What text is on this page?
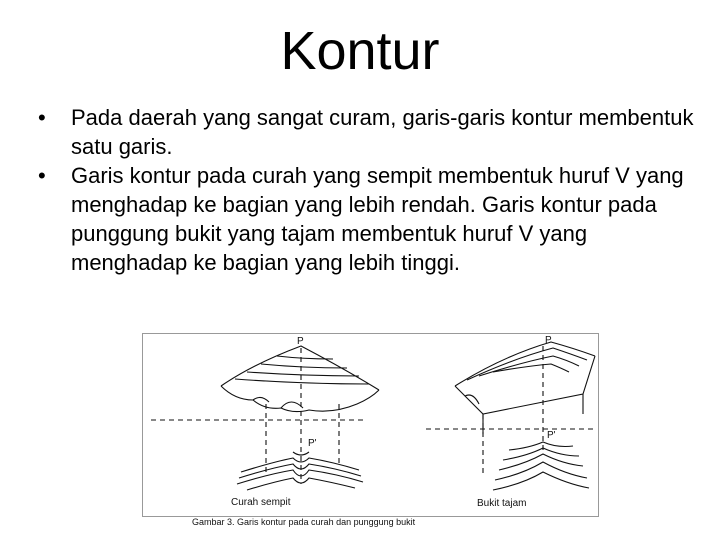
Kontur
• Pada daerah yang sangat curam, garis-garis kontur membentuk satu garis.
• Garis kontur pada curah yang sempit membentuk huruf V yang menghadap ke bagian yang lebih rendah. Garis kontur pada punggung bukit yang tajam membentuk huruf V yang menghadap ke bagian yang lebih tinggi.
P
P'
Curah sempit
P
P'
Bukit tajam
Gambar 3. Garis kontur pada curah dan punggung bukit
